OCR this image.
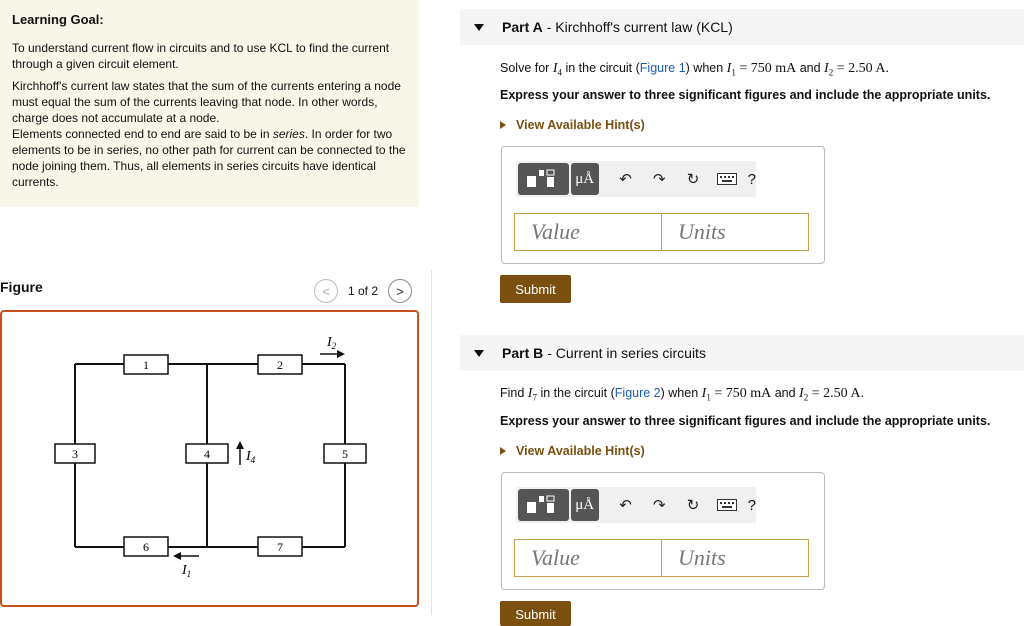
Learning Goal:

To understand current flow in circuits and to use KCL to find the current through a given circuit element.

Kirchhoff's current law states that the sum of the currents entering a node must equal the sum of the currents leaving that node. In other words, charge does not accumulate at a node.

Elements connected end to end are said to be in series. In order for two elements to be in series, no other path for current can be connected to the node joining them. Thus, all elements in series circuits have identical currents.

Figure	<	1 of 2	>
1	2
3	4	5
6	7
$I_2$
$I_4$
$I_1$
Part A -
Kirchhoff's current law (KCL)
Solve for $I_4$ in the circuit (Figure 1) when $I_1 = 750$ mA and $I_2 = 2.50$ A.
Express your answer to three significant figures and include the appropriate units.
View Available Hint(s)
μÅ	↶	↷	↻	?
Value	Units
Submit
Part B -
Current in series circuits
Find $I_7$ in the circuit (Figure 2) when $I_1 = 750$ mA and $I_2 = 2.50$ A.
Express your answer to three significant figures and include the appropriate units.
View Available Hint(s)
μÅ	↶	↷	↻	?
Value	Units
Submit
